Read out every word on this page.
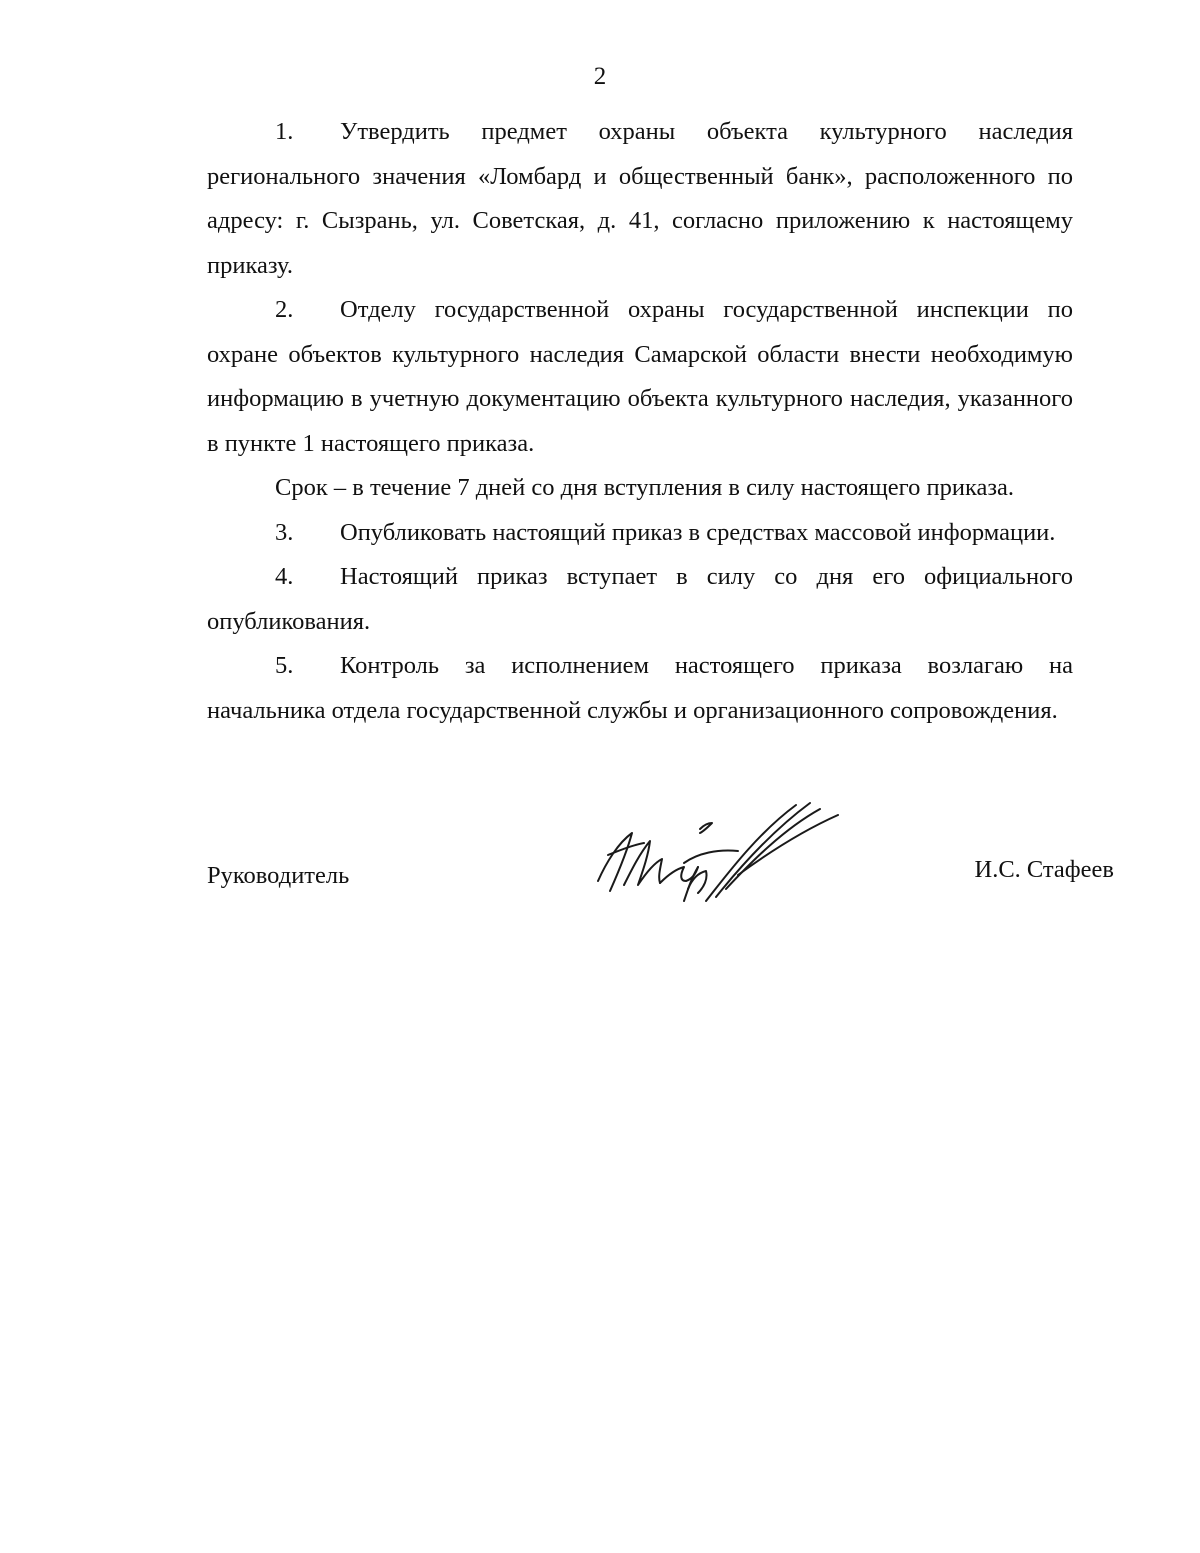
2

1. Утвердить предмет охраны объекта культурного наследия регионального значения «Ломбард и общественный банк», расположенного по адресу: г. Сызрань, ул. Советская, д. 41, согласно приложению к настоящему приказу.

2. Отделу государственной охраны государственной инспекции по охране объектов культурного наследия Самарской области внести необходимую информацию в учетную документацию объекта культурного наследия, указанного в пункте 1 настоящего приказа.

Срок – в течение 7 дней со дня вступления в силу настоящего приказа.

3. Опубликовать настоящий приказ в средствах массовой информации.

4. Настоящий приказ вступает в силу со дня его официального опубликования.

5. Контроль за исполнением настоящего приказа возлагаю на начальника отдела государственной службы и организационного сопровождения.

Руководитель	И.С. Стафеев
